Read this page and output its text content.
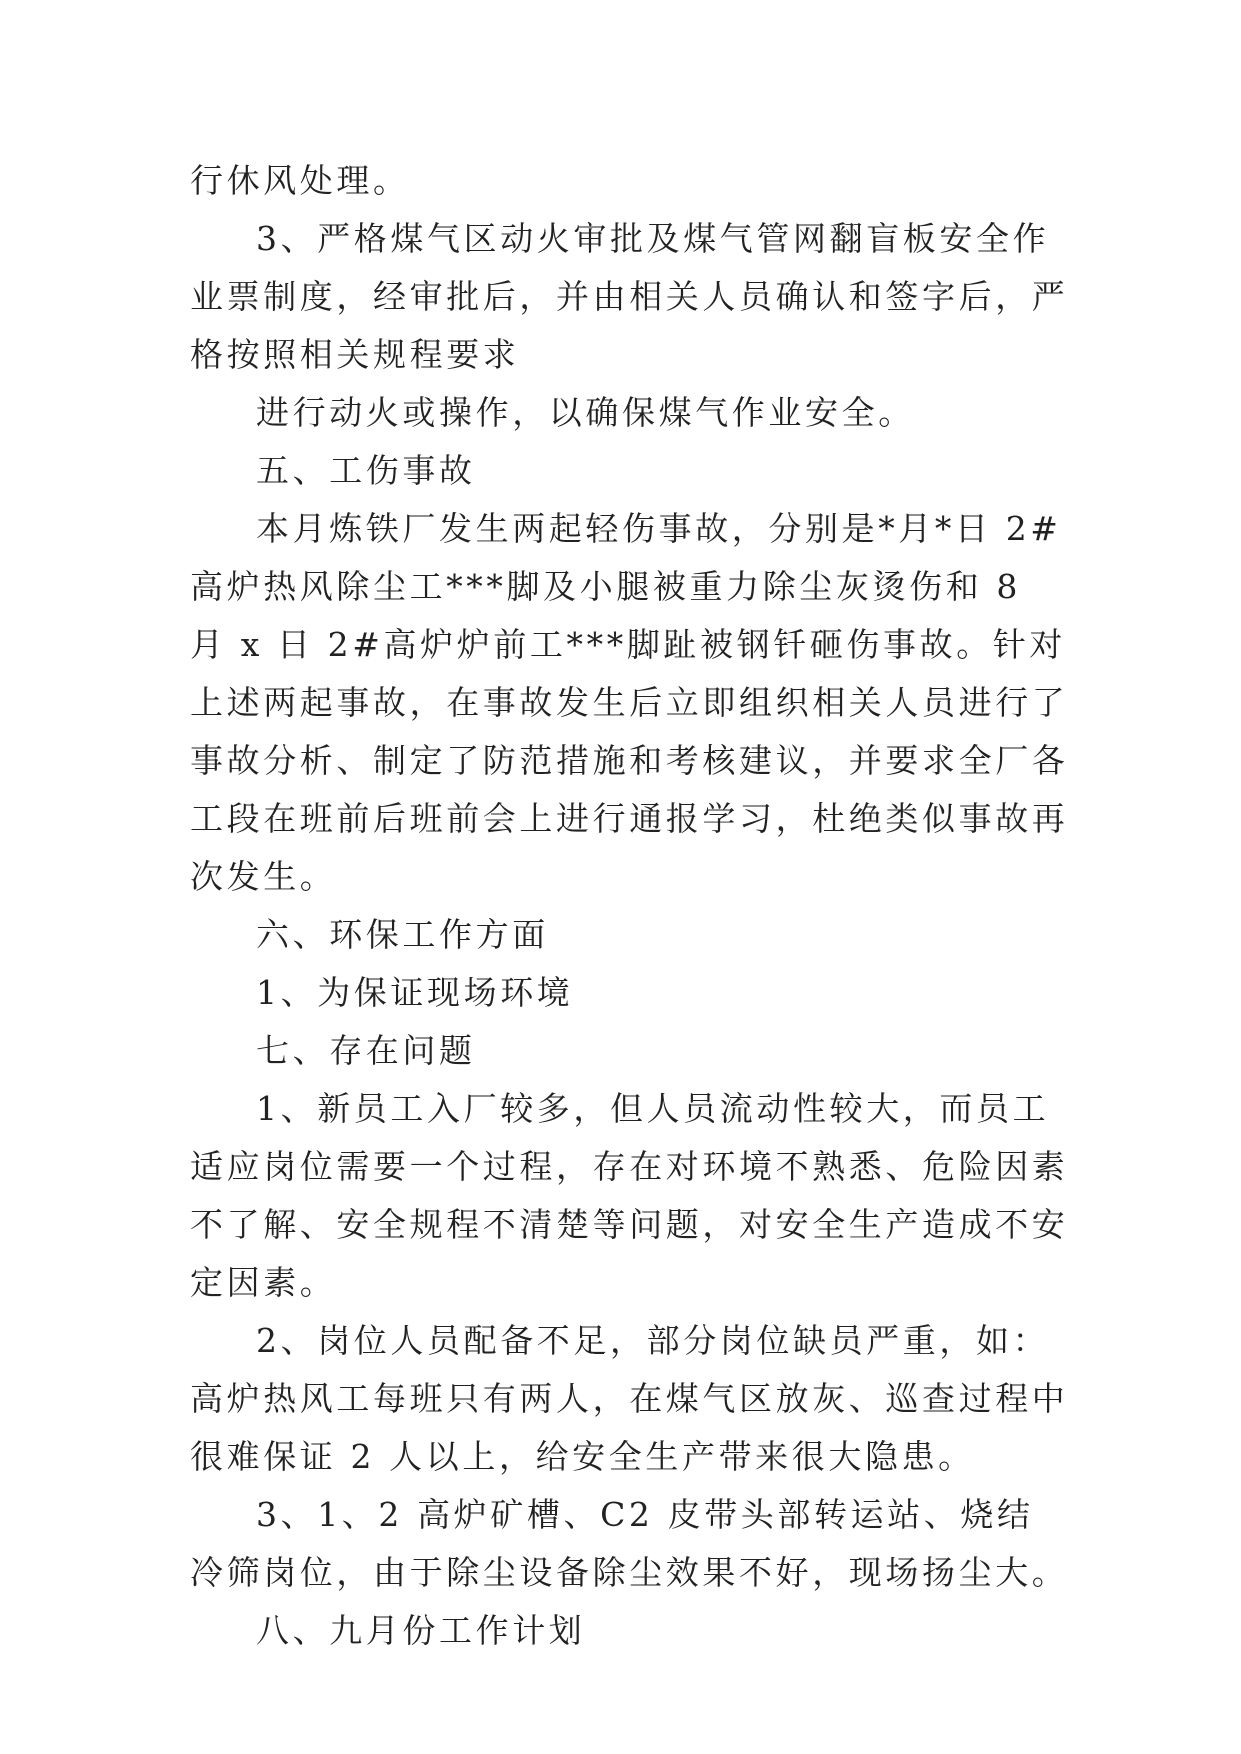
行休风处理。

3、严格煤气区动火审批及煤气管网翻盲板安全作业票制度，经审批后，并由相关人员确认和签字后，严格按照相关规程要求

进行动火或操作，以确保煤气作业安全。

五、工伤事故

本月炼铁厂发生两起轻伤事故，分别是*月*日 2#高炉热风除尘工***脚及小腿被重力除尘灰烫伤和 8 月 x 日 2#高炉炉前工***脚趾被钢钎砸伤事故。针对上述两起事故，在事故发生后立即组织相关人员进行了事故分析、制定了防范措施和考核建议，并要求全厂各工段在班前后班前会上进行通报学习，杜绝类似事故再次发生。

六、环保工作方面

1、为保证现场环境

七、存在问题

1、新员工入厂较多，但人员流动性较大，而员工适应岗位需要一个过程，存在对环境不熟悉、危险因素不了解、安全规程不清楚等问题，对安全生产造成不安定因素。

2、岗位人员配备不足，部分岗位缺员严重，如：高炉热风工每班只有两人，在煤气区放灰、巡查过程中很难保证 2 人以上，给安全生产带来很大隐患。

3、1、2 高炉矿槽、C2 皮带头部转运站、烧结冷筛岗位，由于除尘设备除尘效果不好，现场扬尘大。

八、九月份工作计划
